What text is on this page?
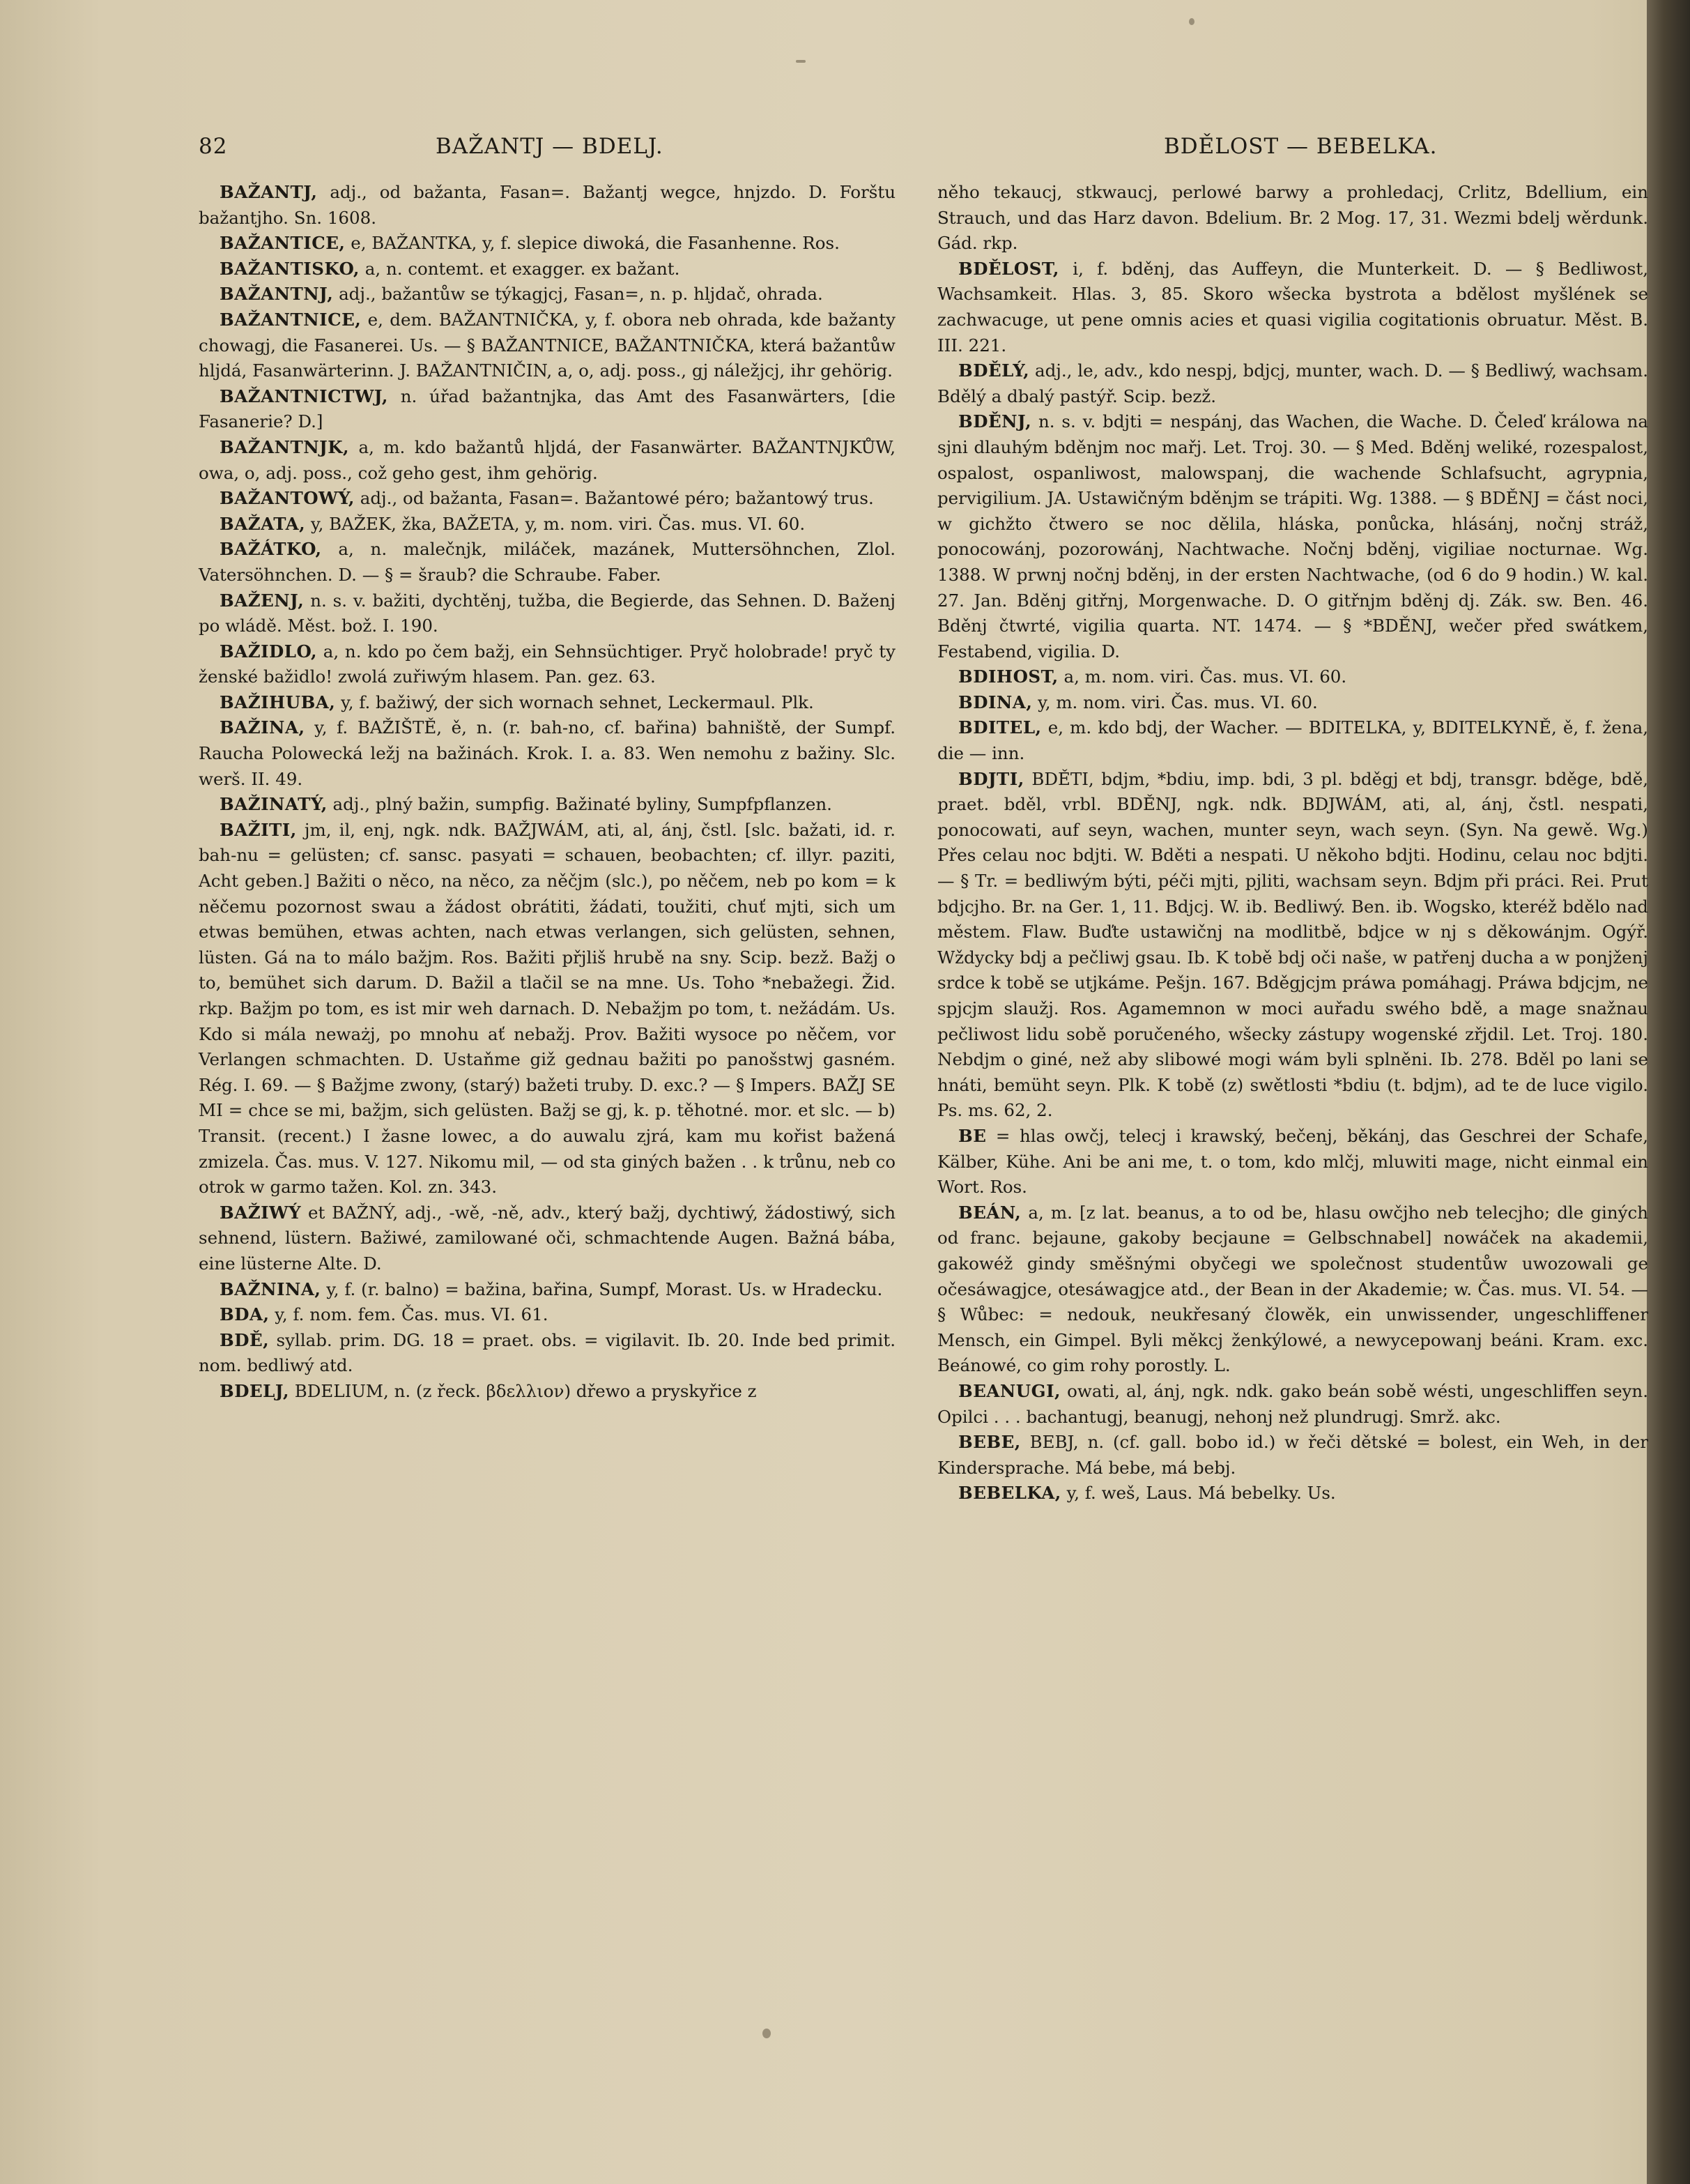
82	BAŽANTJ — BDELJ.	BDĚLOST — BEBELKA.

BAŽANTJ, adj., od bažanta, Fasan=. Bažantj wegce, hnjzdo. D. Forštu bažantjho. Sn. 1608.

BAŽANTICE, e, BAŽANTKA, y, f. slepice diwoká, die Fasanhenne. Ros.

BAŽANTISKO, a, n. contemt. et exagger. ex bažant.

BAŽANTNJ, adj., bažantůw se týkagjcj, Fasan=, n. p. hljdač, ohrada.

BAŽANTNICE, e, dem. BAŽANTNIČKA, y, f. obora neb ohrada, kde bažanty chowagj, die Fasanerei. Us. — § BAŽANTNICE, BAŽANTNIČKA, která bažantůw hljdá, Fasanwärterinn. J. BAŽANTNIČIN, a, o, adj. poss., gj náležjcj, ihr gehörig.

BAŽANTNICTWJ, n. úřad bažantnjka, das Amt des Fasanwärters, [die Fasanerie? D.]

BAŽANTNJK, a, m. kdo bažantů hljdá, der Fasanwärter. BAŽANTNJKŮW, owa, o, adj. poss., což geho gest, ihm gehörig.

BAŽANTOWÝ, adj., od bažanta, Fasan=. Bažantowé péro; bažantowý trus.

BAŽATA, y, BAŽEK, žka, BAŽETA, y, m. nom. viri. Čas. mus. VI. 60.

BAŽÁTKO, a, n. malečnjk, miláček, mazánek, Muttersöhnchen, Zlol. Vatersöhnchen. D. — § = šraub? die Schraube. Faber.

BAŽENJ, n. s. v. bažiti, dychtěnj, tužba, die Begierde, das Sehnen. D. Baženj po wládě. Měst. bož. I. 190.

BAŽIDLO, a, n. kdo po čem bažj, ein Sehnsüchtiger. Pryč holobrade! pryč ty ženské bažidlo! zwolá zuřiwým hlasem. Pan. gez. 63.

BAŽIHUBA, y, f. bažiwý, der sich wornach sehnet, Leckermaul. Plk.

BAŽINA, y, f. BAŽIŠTĚ, ě, n. (r. bah-no, cf. bařina) bahniště, der Sumpf. Raucha Polowecká ležj na bažinách. Krok. I. a. 83. Wen nemohu z bažiny. Slc. werš. II. 49.

BAŽINATÝ, adj., plný bažin, sumpfig. Bažinaté byliny, Sumpfpflanzen.

BAŽITI, jm, il, enj, ngk. ndk. BAŽJWÁM, ati, al, ánj, čstl. [slc. bažati, id. r. bah-nu = gelüsten; cf. sansc. pasyati = schauen, beobachten; cf. illyr. paziti, Acht geben.] Bažiti o něco, na něco, za něčjm (slc.), po něčem, neb po kom = k něčemu pozornost swau a žádost obrátiti, žádati, toužiti, chuť mjti, sich um etwas bemühen, etwas achten, nach etwas verlangen, sich gelüsten, sehnen, lüsten. Gá na to málo bažjm. Ros. Bažiti přjliš hrubě na sny. Scip. bezž. Bažj o to, bemühet sich darum. D. Bažil a tlačil se na mne. Us. Toho *nebažegi. Žid. rkp. Bažjm po tom, es ist mir weh darnach. D. Nebažjm po tom, t. nežádám. Us. Kdo si mála neważj, po mnohu ať nebažj. Prov. Bažiti wysoce po něčem, vor Verlangen schmachten. D. Ustaňme giž gednau bažiti po panošstwj gasném. Rég. I. 69. — § Bažjme zwony, (starý) bažeti truby. D. exc.? — § Impers. BAŽJ SE MI = chce se mi, bažjm, sich gelüsten. Bažj se gj, k. p. těhotné. mor. et slc. — b) Transit. (recent.) I žasne lowec, a do auwalu zjrá, kam mu kořist bažená zmizela. Čas. mus. V. 127. Nikomu mil, — od sta giných bažen . . k trůnu, neb co otrok w garmo tažen. Kol. zn. 343.

BAŽIWÝ et BAŽNÝ, adj., -wě, -ně, adv., který bažj, dychtiwý, žádostiwý, sich sehnend, lüstern. Bažiwé, zamilowané oči, schmachtende Augen. Bažná bába, eine lüsterne Alte. D.

BAŽNINA, y, f. (r. balno) = bažina, bařina, Sumpf, Morast. Us. w Hradecku.

BDA, y, f. nom. fem. Čas. mus. VI. 61.

BDĚ, syllab. prim. DG. 18 = praet. obs. = vigilavit. Ib. 20. Inde bed primit. nom. bedliwý atd.

BDELJ, BDELIUM, n. (z řeck. βδελλιον) dřewo a pryskyřice z

něho tekaucj, stkwaucj, perlowé barwy a prohledacj, Crlitz, Bdellium, ein Strauch, und das Harz davon. Bdelium. Br. 2 Mog. 17, 31. Wezmi bdelj wěrdunk. Gád. rkp.

BDĚLOST, i, f. bděnj, das Auffeyn, die Munterkeit. D. — § Bedliwost, Wachsamkeit. Hlas. 3, 85. Skoro wšecka bystrota a bdělost myšlének se zachwacuge, ut pene omnis acies et quasi vigilia cogitationis obruatur. Měst. B. III. 221.

BDĚLÝ, adj., le, adv., kdo nespj, bdjcj, munter, wach. D. — § Bedliwý, wachsam. Bdělý a dbalý pastýř. Scip. bezž.

BDĚNJ, n. s. v. bdjti = nespánj, das Wachen, die Wache. D. Čeleď králowa na sjni dlauhým bděnjm noc mařj. Let. Troj. 30. — § Med. Bděnj weliké, rozespalost, ospalost, ospanliwost, malowspanj, die wachende Schlafsucht, agrypnia, pervigilium. JA. Ustawičným bděnjm se trápiti. Wg. 1388. — § BDĚNJ = část noci, w gichžto čtwero se noc dělila, hláska, ponůcka, hlásánj, nočnj stráž, ponocowánj, pozorowánj, Nachtwache. Nočnj bděnj, vigiliae nocturnae. Wg. 1388. W prwnj nočnj bděnj, in der ersten Nachtwache, (od 6 do 9 hodin.) W. kal. 27. Jan. Bděnj gitřnj, Morgenwache. D. O gitřnjm bděnj dj. Zák. sw. Ben. 46. Bděnj čtwrté, vigilia quarta. NT. 1474. — § *BDĚNJ, wečer před swátkem, Festabend, vigilia. D.

BDIHOST, a, m. nom. viri. Čas. mus. VI. 60.

BDINA, y, m. nom. viri. Čas. mus. VI. 60.

BDITEL, e, m. kdo bdj, der Wacher. — BDITELKA, y, BDITELKYNĚ, ě, f. žena, die — inn.

BDJTI, BDĚTI, bdjm, *bdiu, imp. bdi, 3 pl. bděgj et bdj, transgr. bděge, bdě, praet. bděl, vrbl. BDĚNJ, ngk. ndk. BDJWÁM, ati, al, ánj, čstl. nespati, ponocowati, auf seyn, wachen, munter seyn, wach seyn. (Syn. Na gewě. Wg.) Přes celau noc bdjti. W. Bděti a nespati. U někoho bdjti. Hodinu, celau noc bdjti. — § Tr. = bedliwým býti, péči mjti, pjliti, wachsam seyn. Bdjm při práci. Rei. Prut bdjcjho. Br. na Ger. 1, 11. Bdjcj. W. ib. Bedliwý. Ben. ib. Wogsko, kteréž bdělo nad městem. Flaw. Buďte ustawičnj na modlitbě, bdjce w nj s děkowánjm. Ogýř. Wždycky bdj a pečliwj gsau. Ib. K tobě bdj oči naše, w patřenj ducha a w ponjženj srdce k tobě se utjkáme. Pešjn. 167. Bděgjcjm práwa pomáhagj. Práwa bdjcjm, ne spjcjm slaužj. Ros. Agamemnon w moci auřadu swého bdě, a mage snažnau pečliwost lidu sobě poručeného, wšecky zástupy wogenské zřjdil. Let. Troj. 180. Nebdjm o giné, než aby slibowé mogi wám byli splněni. Ib. 278. Bděl po lani se hnáti, bemüht seyn. Plk. K tobě (z) swětlosti *bdiu (t. bdjm), ad te de luce vigilo. Ps. ms. 62, 2.

BE = hlas owčj, telecj i krawský, bečenj, běkánj, das Geschrei der Schafe, Kälber, Kühe. Ani be ani me, t. o tom, kdo mlčj, mluwiti mage, nicht einmal ein Wort. Ros.

BEÁN, a, m. [z lat. beanus, a to od be, hlasu owčjho neb telecjho; dle giných od franc. bejaune, gakoby becjaune = Gelbschnabel] nowáček na akademii, gakowéž gindy směšnými obyčegi we společnost studentůw uwozowali ge očesáwagjce, otesáwagjce atd., der Bean in der Akademie; w. Čas. mus. VI. 54. — § Wůbec: = nedouk, neukřesaný člowěk, ein unwissender, ungeschliffener Mensch, ein Gimpel. Byli měkcj ženkýlowé, a newycepowanj beáni. Kram. exc. Beánowé, co gim rohy porostly. L.

BEANUGI, owati, al, ánj, ngk. ndk. gako beán sobě wésti, ungeschliffen seyn. Opilci . . . bachantugj, beanugj, nehonj než plundrugj. Smrž. akc.

BEBE, BEBJ, n. (cf. gall. bobo id.) w řeči dětské = bolest, ein Weh, in der Kindersprache. Má bebe, má bebj.

BEBELKA, y, f. weš, Laus. Má bebelky. Us.
